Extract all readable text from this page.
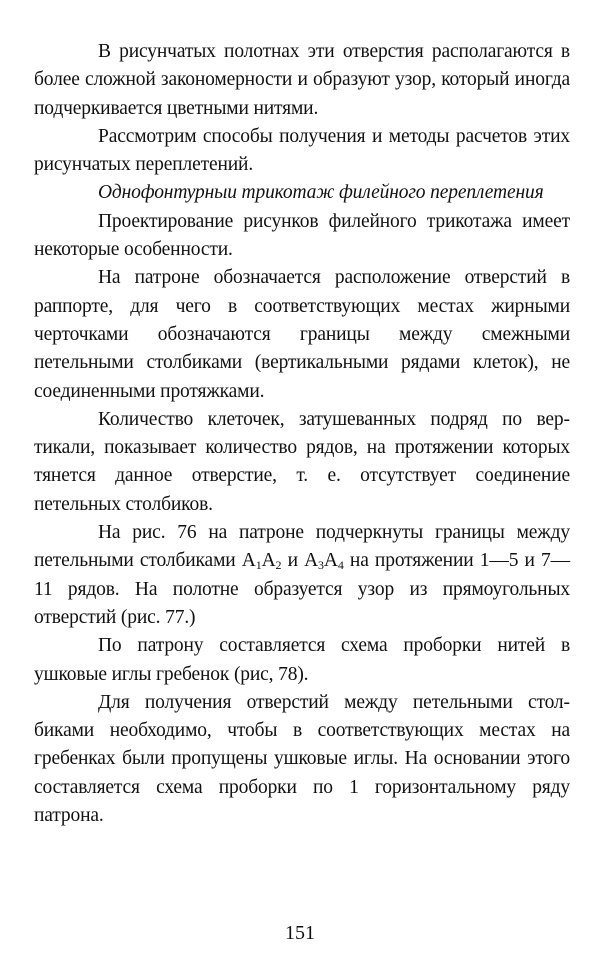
В рисунчатых полотнах эти отверстия располагаются в более сложной закономерности и образуют узор, который иногда подчеркивается цветными нитями.

Рассмотрим способы получения и методы расчетов этих рисунчатых переплетений.

Однофонтурныи трикотаж филейного переплетения

Проектирование рисунков филейного трикотажа имеет некоторые особенности.

На патроне обозначается расположение отверстий в раппорте, для чего в соответствующих местах жирными черточками обозначаются границы между смежными петельными столбиками (вертикальными рядами клеток), не соединенными протяжками.

Количество клеточек, затушеванных подряд по вертикали, показывает количество рядов, на протяжении которых тянется данное отверстие, т. е. отсутствует соединение петельных столбиков.

На рис. 76 на патроне подчеркнуты границы между петельными столбиками $А_1А_2$ и $А_3А_4$ на протяжении 1—5 и 7—11 рядов. На полотне образуется узор из прямоугольных отверстий (рис. 77.)

По патрону составляется схема проборки нитей в ушковые иглы гребенок (рис, 78).

Для получения отверстий между петельными столбиками необходимо, чтобы в соответствующих местах на гребенках были пропущены ушковые иглы. На основании этого составляется схема проборки по 1 горизонтальному ряду патрона.

151
